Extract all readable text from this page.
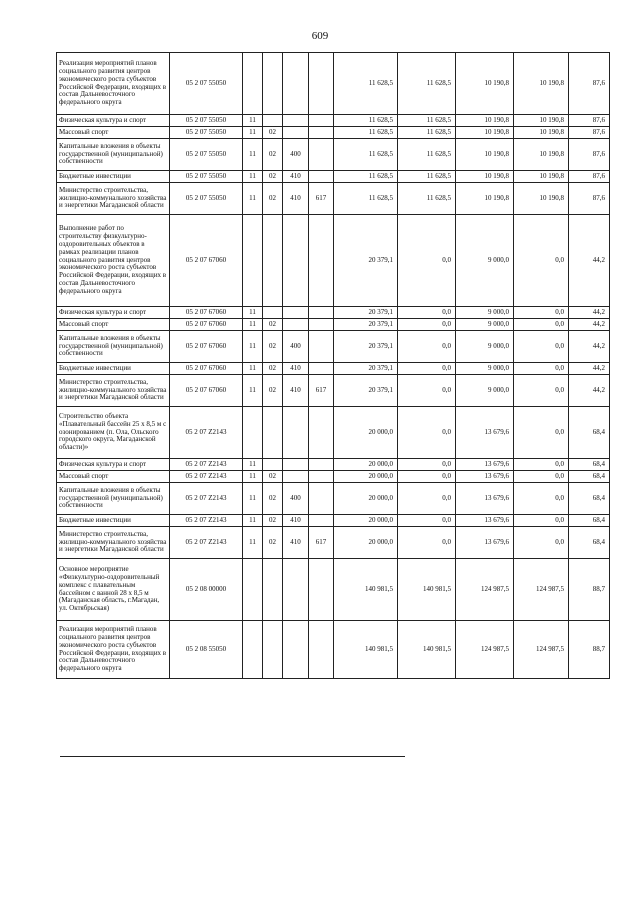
609
Реализация мероприятий планов социального развития центров экономического роста субъектов Российской Федерации, входящих в состав Дальневосточного федерального округа	05 2 07 55050					11 628,5	11 628,5	10 190,8	10 190,8	87,6
Физическая культура и спорт	05 2 07 55050	11				11 628,5	11 628,5	10 190,8	10 190,8	87,6
Массовый спорт	05 2 07 55050	11	02			11 628,5	11 628,5	10 190,8	10 190,8	87,6
Капитальные вложения в объекты государственной (муниципальной) собственности	05 2 07 55050	11	02	400		11 628,5	11 628,5	10 190,8	10 190,8	87,6
Бюджетные инвестиции	05 2 07 55050	11	02	410		11 628,5	11 628,5	10 190,8	10 190,8	87,6
Министерство строительства, жилищно-коммунального хозяйства и энергетики Магаданской области	05 2 07 55050	11	02	410	617	11 628,5	11 628,5	10 190,8	10 190,8	87,6
Выполнение работ по строительству физкультурно-оздоровительных объектов в рамках реализации планов социального развития центров экономического роста субъектов Российской Федерации, входящих в состав Дальневосточного федерального округа	05 2 07 67060					20 379,1	0,0	9 000,0	0,0	44,2
Физическая культура и спорт	05 2 07 67060	11				20 379,1	0,0	9 000,0	0,0	44,2
Массовый спорт	05 2 07 67060	11	02			20 379,1	0,0	9 000,0	0,0	44,2
Капитальные вложения в объекты государственной (муниципальной) собственности	05 2 07 67060	11	02	400		20 379,1	0,0	9 000,0	0,0	44,2
Бюджетные инвестиции	05 2 07 67060	11	02	410		20 379,1	0,0	9 000,0	0,0	44,2
Министерство строительства, жилищно-коммунального хозяйства и энергетики Магаданской области	05 2 07 67060	11	02	410	617	20 379,1	0,0	9 000,0	0,0	44,2
Строительство объекта «Плавательный бассейн 25 х 8,5 м с озонированием (п. Ола, Ольского городского округа, Магаданской области)»	05 2 07 Z2143					20 000,0	0,0	13 679,6	0,0	68,4
Физическая культура и спорт	05 2 07 Z2143	11				20 000,0	0,0	13 679,6	0,0	68,4
Массовый спорт	05 2 07 Z2143	11	02			20 000,0	0,0	13 679,6	0,0	68,4
Капитальные вложения в объекты государственной (муниципальной) собственности	05 2 07 Z2143	11	02	400		20 000,0	0,0	13 679,6	0,0	68,4
Бюджетные инвестиции	05 2 07 Z2143	11	02	410		20 000,0	0,0	13 679,6	0,0	68,4
Министерство строительства, жилищно-коммунального хозяйства и энергетики Магаданской области	05 2 07 Z2143	11	02	410	617	20 000,0	0,0	13 679,6	0,0	68,4
Основное мероприятие «Физкультурно-оздоровительный комплекс с плавательным бассейном с ванной 28 х 8,5 м (Магаданская область, г.Магадан, ул. Октябрьская)	05 2 08 00000					140 981,5	140 981,5	124 987,5	124 987,5	88,7
Реализация мероприятий планов социального развития центров экономического роста субъектов Российской Федерации, входящих в состав Дальневосточного федерального округа	05 2 08 55050					140 981,5	140 981,5	124 987,5	124 987,5	88,7
